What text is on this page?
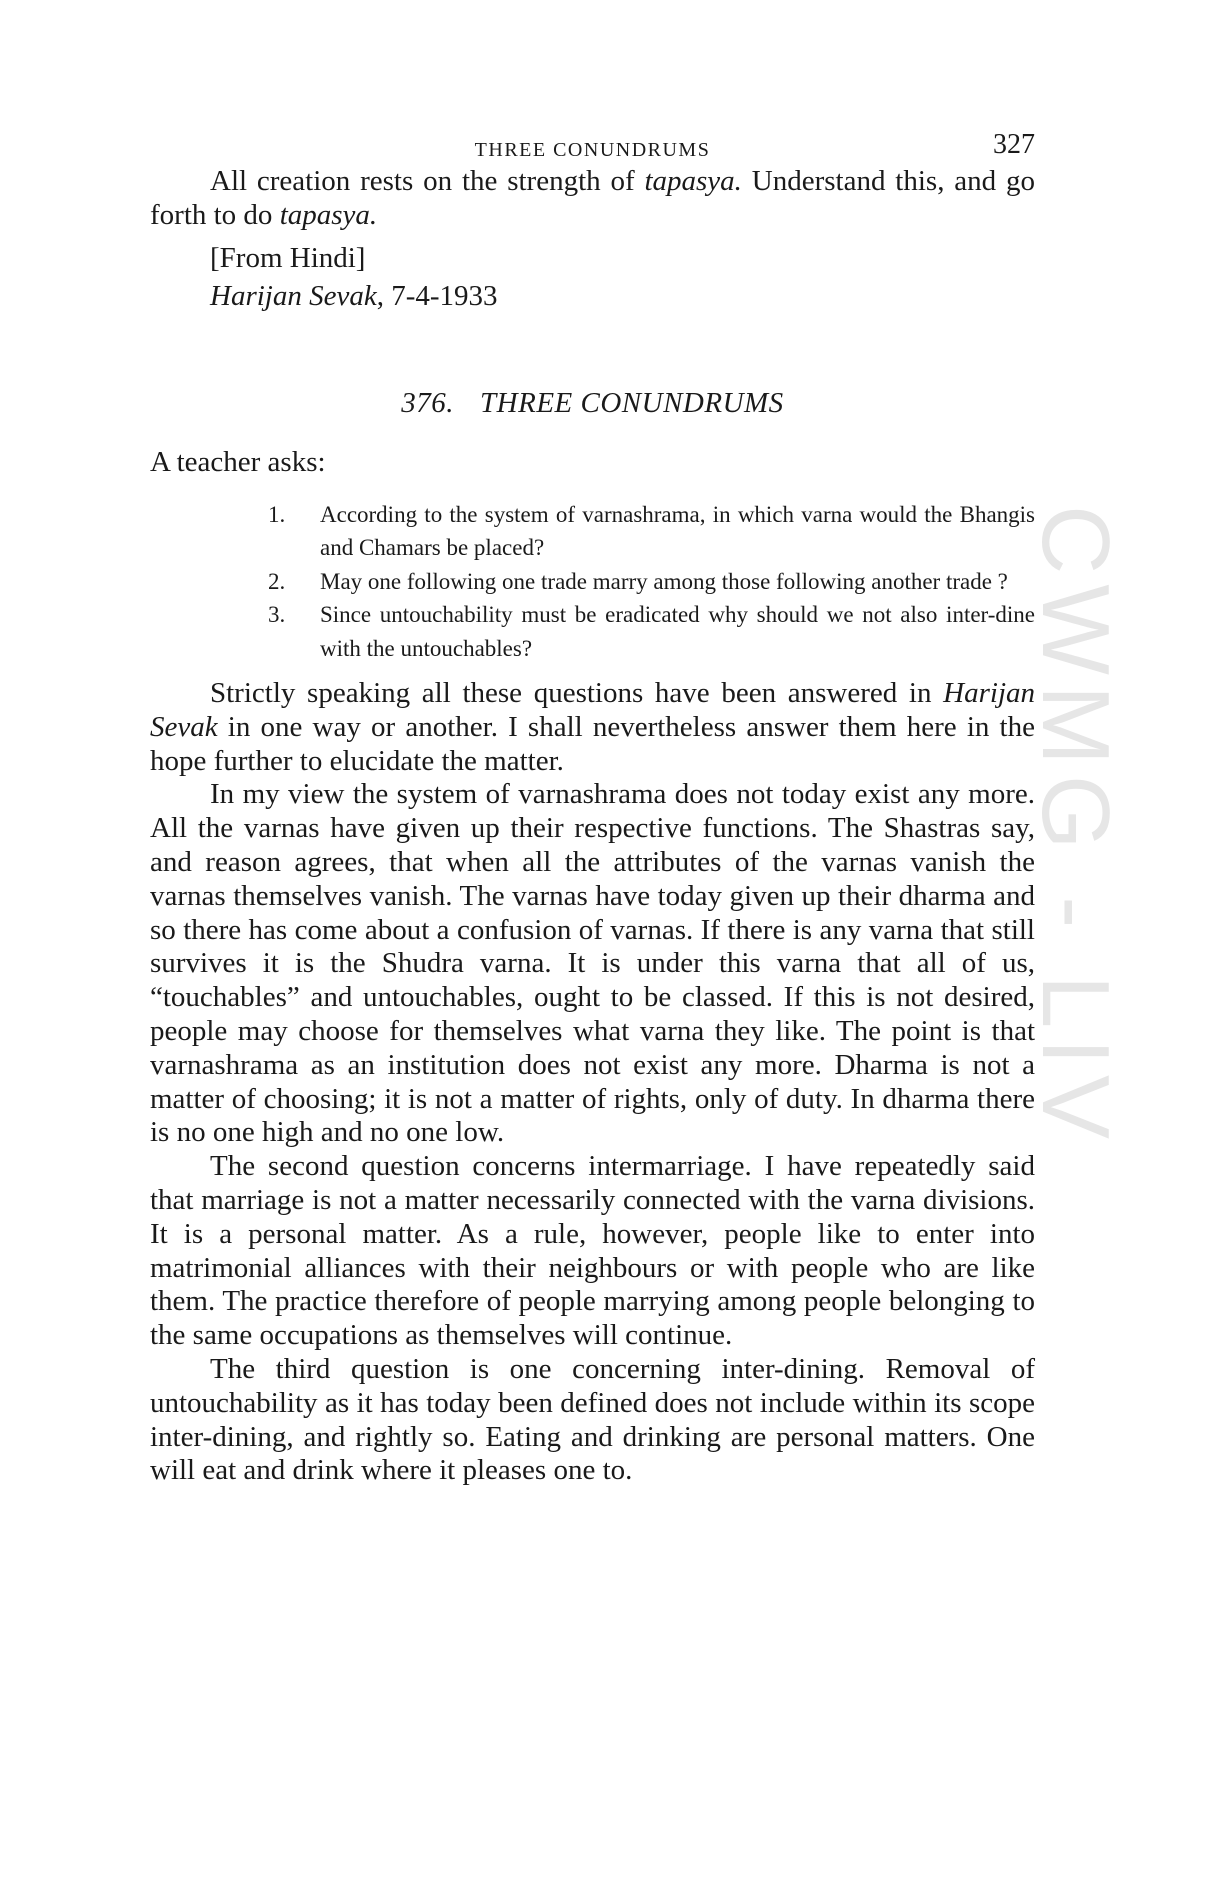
CWMG - LIV
THREE CONUNDRUMS	327

All creation rests on the strength of tapasya. Understand this, and go forth to do tapasya.

[From Hindi]
Harijan Sevak, 7-4-1933
376. THREE CONUNDRUMS
A teacher asks:
1. According to the system of varnashrama, in which varna would the Bhangis and Chamars be placed?
2. May one following one trade marry among those following another trade ?
3. Since untouchability must be eradicated why should we not also inter-dine with the untouchables?

Strictly speaking all these questions have been answered in Harijan Sevak in one way or another. I shall nevertheless answer them here in the hope further to elucidate the matter.

In my view the system of varnashrama does not today exist any more. All the varnas have given up their respective functions. The Shastras say, and reason agrees, that when all the attributes of the varnas vanish the varnas themselves vanish. The varnas have today given up their dharma and so there has come about a confusion of varnas. If there is any varna that still survives it is the Shudra varna. It is under this varna that all of us, “touchables” and untouchables, ought to be classed. If this is not desired, people may choose for themselves what varna they like. The point is that varnashrama as an institution does not exist any more. Dharma is not a matter of choosing; it is not a matter of rights, only of duty. In dharma there is no one high and no one low.

The second question concerns intermarriage. I have repeatedly said that marriage is not a matter necessarily connected with the varna divisions. It is a personal matter. As a rule, however, people like to enter into matrimonial alliances with their neighbours or with people who are like them. The practice therefore of people marrying among people belonging to the same occupations as themselves will continue.

The third question is one concerning inter-dining. Removal of untouchability as it has today been defined does not include within its scope inter-dining, and rightly so. Eating and drinking are personal matters. One will eat and drink where it pleases one to.
